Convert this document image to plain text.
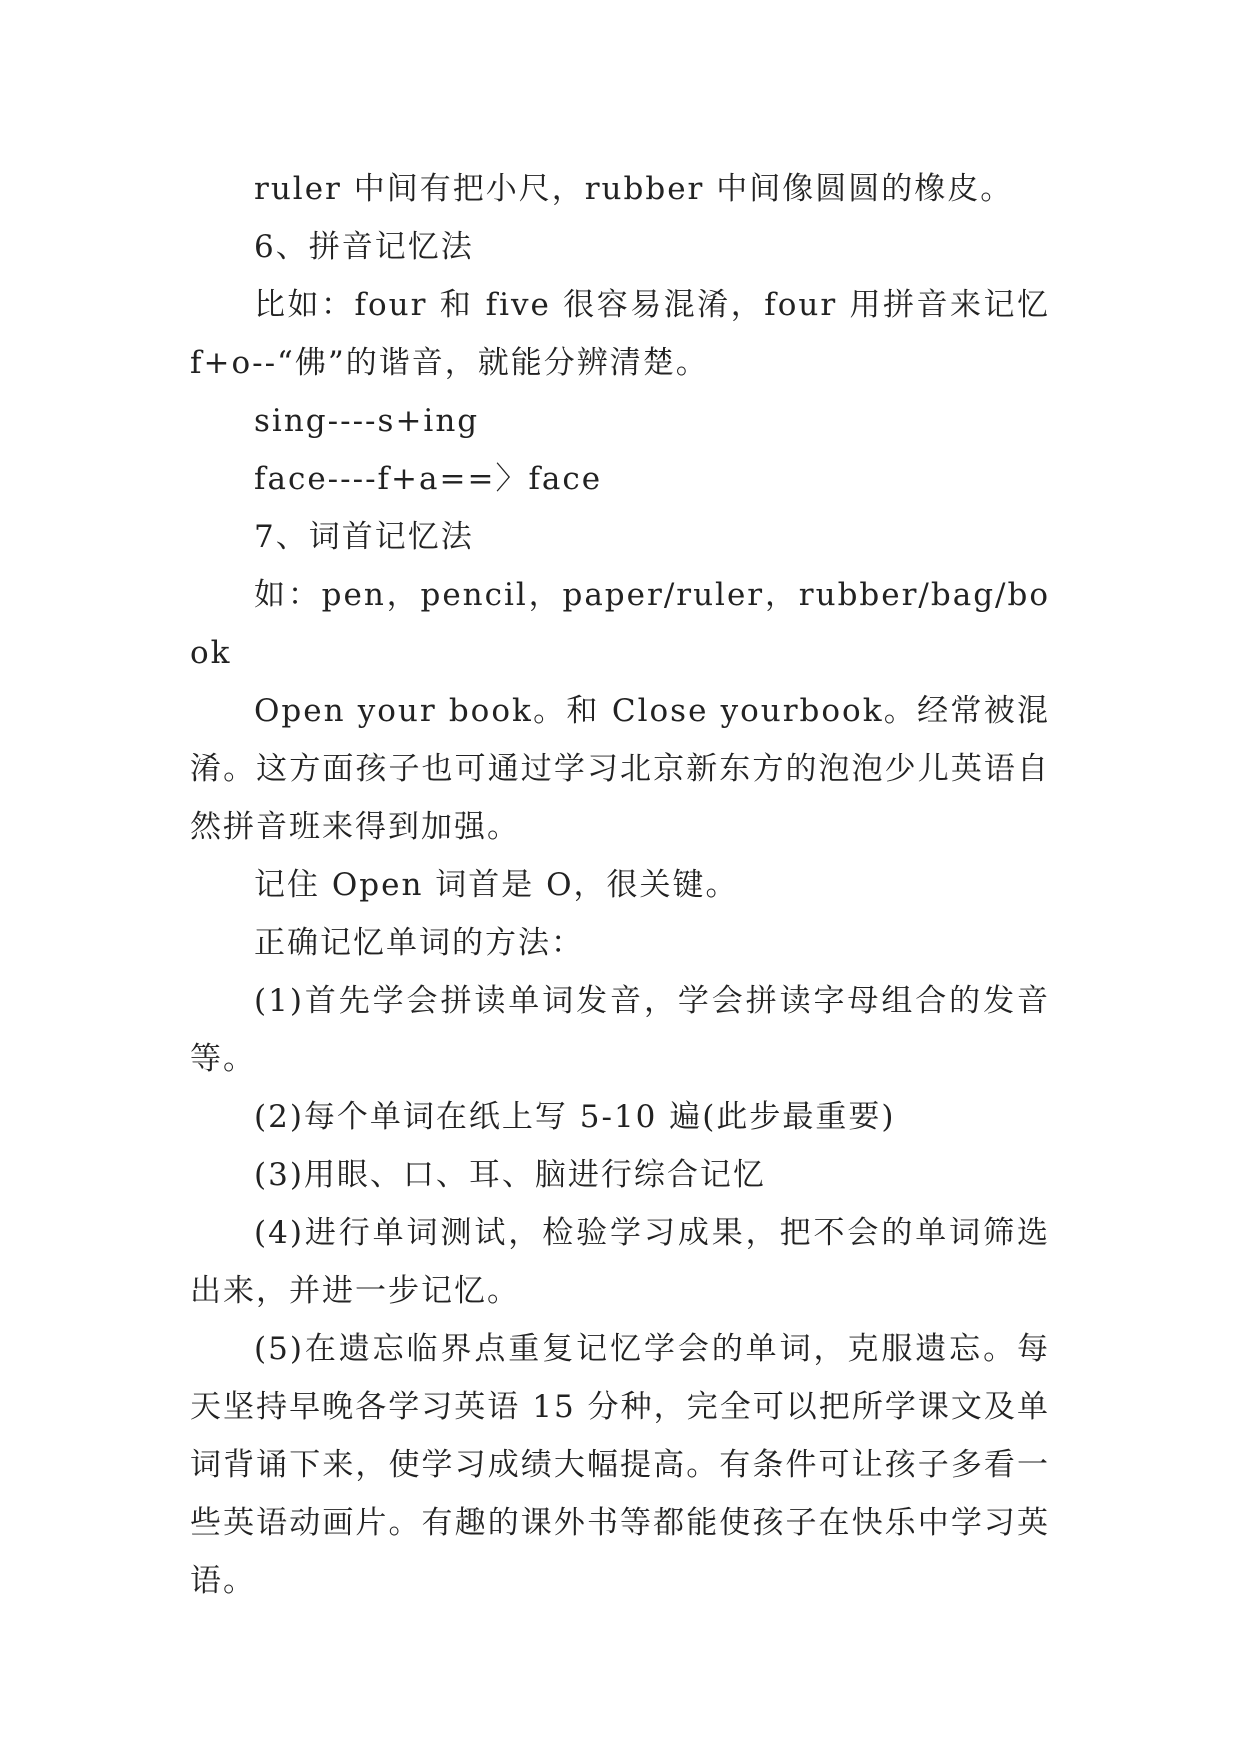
ruler 中间有把小尺，rubber 中间像圆圆的橡皮。

6、拼音记忆法

比如：four 和 five 很容易混淆，four 用拼音来记忆 f+o--“佛”的谐音，就能分辨清楚。

sing----s+ing

face----f+a==〉face

7、词首记忆法

如：pen，pencil，paper/ruler，rubber/bag/book

Open your book。和 Close yourbook。经常被混淆。这方面孩子也可通过学习北京新东方的泡泡少儿英语自然拼音班来得到加强。

记住 Open 词首是 O，很关键。

正确记忆单词的方法：

(1)首先学会拼读单词发音，学会拼读字母组合的发音等。

(2)每个单词在纸上写 5-10 遍(此步最重要)

(3)用眼、口、耳、脑进行综合记忆

(4)进行单词测试，检验学习成果，把不会的单词筛选出来，并进一步记忆。

(5)在遗忘临界点重复记忆学会的单词，克服遗忘。每天坚持早晚各学习英语 15 分种，完全可以把所学课文及单词背诵下来，使学习成绩大幅提高。有条件可让孩子多看一些英语动画片。有趣的课外书等都能使孩子在快乐中学习英语。
